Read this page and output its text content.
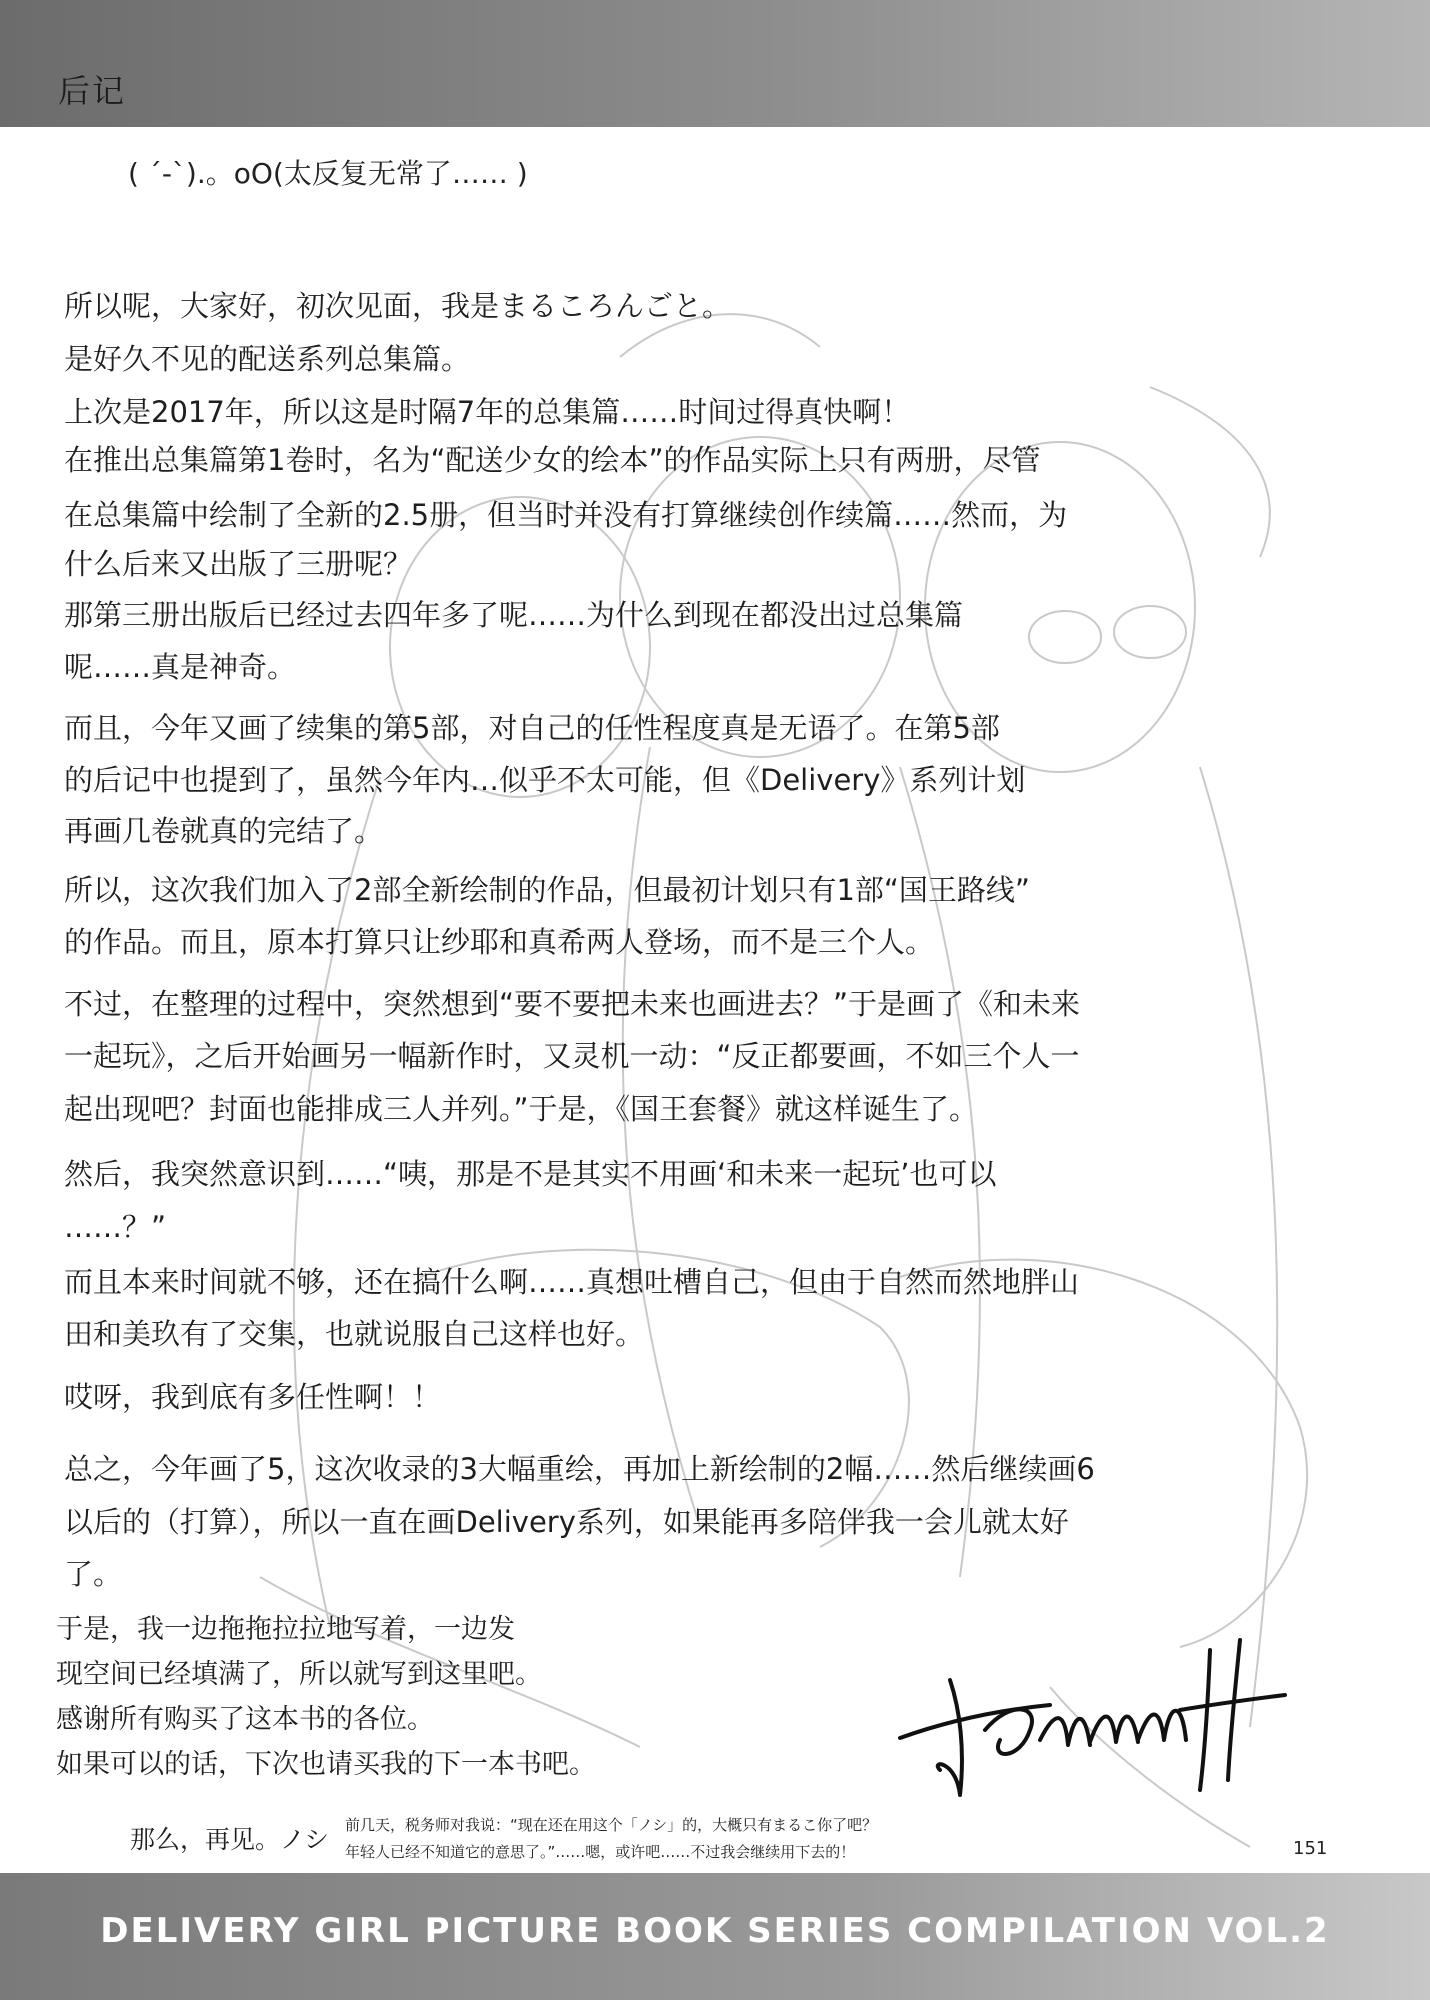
后记
( ´-`).。oO(太反复无常了…… )

所以呢，大家好，初次见面，我是まるころんごと。

是好久不见的配送系列总集篇。

上次是2017年，所以这是时隔7年的总集篇……时间过得真快啊！

在推出总集篇第1卷时，名为“配送少女的绘本”的作品实际上只有两册，尽管

在总集篇中绘制了全新的2.5册，但当时并没有打算继续创作续篇……然而，为

什么后来又出版了三册呢？

那第三册出版后已经过去四年多了呢……为什么到现在都没出过总集篇

呢……真是神奇。

而且，今年又画了续集的第5部，对自己的任性程度真是无语了。在第5部

的后记中也提到了，虽然今年内…似乎不太可能，但《Delivery》系列计划

再画几卷就真的完结了。

所以，这次我们加入了2部全新绘制的作品，但最初计划只有1部“国王路线”

的作品。而且，原本打算只让纱耶和真希两人登场，而不是三个人。

不过，在整理的过程中，突然想到“要不要把未来也画进去？”于是画了《和未来

一起玩》，之后开始画另一幅新作时，又灵机一动：“反正都要画，不如三个人一

起出现吧？封面也能排成三人并列。”于是，《国王套餐》就这样诞生了。

然后，我突然意识到……“咦，那是不是其实不用画‘和未来一起玩’也可以

……？”

而且本来时间就不够，还在搞什么啊……真想吐槽自己，但由于自然而然地胖山

田和美玖有了交集，也就说服自己这样也好。

哎呀，我到底有多任性啊！！

总之，今年画了5，这次收录的3大幅重绘，再加上新绘制的2幅……然后继续画6

以后的（打算），所以一直在画Delivery系列，如果能再多陪伴我一会儿就太好

了。

于是，我一边拖拖拉拉地写着，一边发
现空间已经填满了，所以就写到这里吧。
感谢所有购买了这本书的各位。
如果可以的话，下次也请买我的下一本书吧。
那么，再见。ノシ 前几天，税务师对我说：“现在还在用这个「ノシ」的，大概只有まるこ你了吧？
年轻人已经不知道它的意思了。”……嗯，或许吧……不过我会继续用下去的！	151
DELIVERY GIRL PICTURE BOOK SERIES COMPILATION VOL.2
